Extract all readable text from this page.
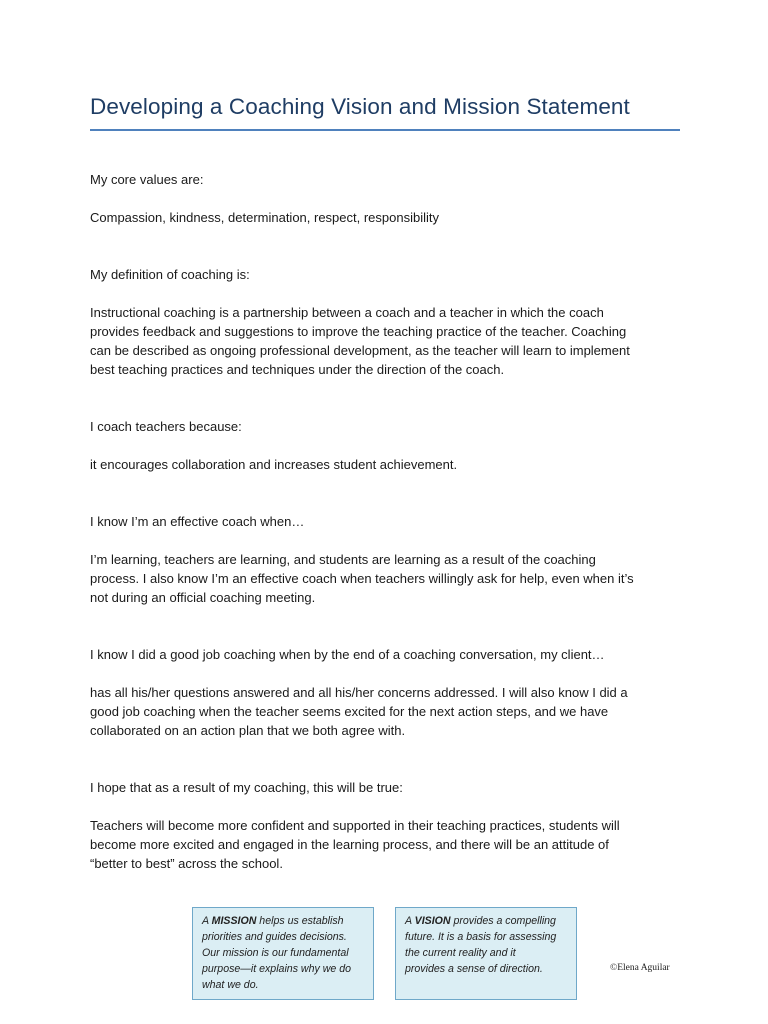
Developing a Coaching Vision and Mission Statement

My core values are:

Compassion, kindness, determination, respect, responsibility

My definition of coaching is:

Instructional coaching is a partnership between a coach and a teacher in which the coach
provides feedback and suggestions to improve the teaching practice of the teacher. Coaching
can be described as ongoing professional development, as the teacher will learn to implement
best teaching practices and techniques under the direction of the coach.

I coach teachers because:

it encourages collaboration and increases student achievement.

I know I’m an effective coach when…

I’m learning, teachers are learning, and students are learning as a result of the coaching
process. I also know I’m an effective coach when teachers willingly ask for help, even when it’s
not during an official coaching meeting.

I know I did a good job coaching when by the end of a coaching conversation, my client…

has all his/her questions answered and all his/her concerns addressed. I will also know I did a
good job coaching when the teacher seems excited for the next action steps, and we have
collaborated on an action plan that we both agree with.

I hope that as a result of my coaching, this will be true:

Teachers will become more confident and supported in their teaching practices, students will
become more excited and engaged in the learning process, and there will be an attitude of
“better to best” across the school.

A MISSION helps us establish
priorities and guides decisions.
Our mission is our fundamental
purpose—it explains why we do
what we do.
A VISION provides a compelling
future. It is a basis for assessing
the current reality and it
provides a sense of direction.	©Elena Aguilar
